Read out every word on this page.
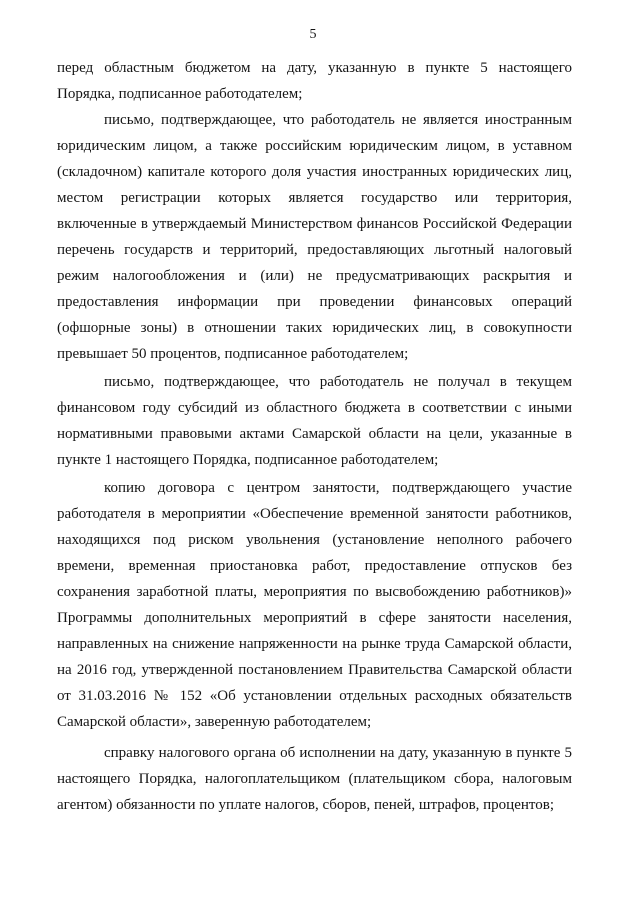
5
перед областным бюджетом на дату, указанную в пункте 5 настоящего
Порядка, подписанное работодателем;
письмо, подтверждающее, что работодатель не является иностранным
юридическим лицом, а также российским юридическим лицом, в уставном
(складочном) капитале которого доля участия иностранных юридических лиц,
местом регистрации которых является государство или территория,
включенные в утверждаемый Министерством финансов Российской Федерации
перечень государств и территорий, предоставляющих льготный налоговый
режим налогообложения и (или) не предусматривающих раскрытия и
предоставления информации при проведении финансовых операций
(офшорные зоны) в отношении таких юридических лиц, в совокупности
превышает 50 процентов, подписанное работодателем;
письмо, подтверждающее, что работодатель не получал в текущем
финансовом году субсидий из областного бюджета в соответствии с иными
нормативными правовыми актами Самарской области на цели, указанные в
пункте 1 настоящего Порядка, подписанное работодателем;
копию договора с центром занятости, подтверждающего участие
работодателя в мероприятии «Обеспечение временной занятости работников,
находящихся под риском увольнения (установление неполного рабочего
времени, временная приостановка работ, предоставление отпусков без
сохранения заработной платы, мероприятия по высвобождению работников)»
Программы дополнительных мероприятий в сфере занятости населения,
направленных на снижение напряженности на рынке труда Самарской области,
на 2016 год, утвержденной постановлением Правительства Самарской области
от 31.03.2016 № 152 «Об установлении отдельных расходных обязательств
Самарской области», заверенную работодателем;
справку налогового органа об исполнении на дату, указанную в пункте 5
настоящего Порядка, налогоплательщиком (плательщиком сбора, налоговым
агентом) обязанности по уплате налогов, сборов, пеней, штрафов, процентов;
